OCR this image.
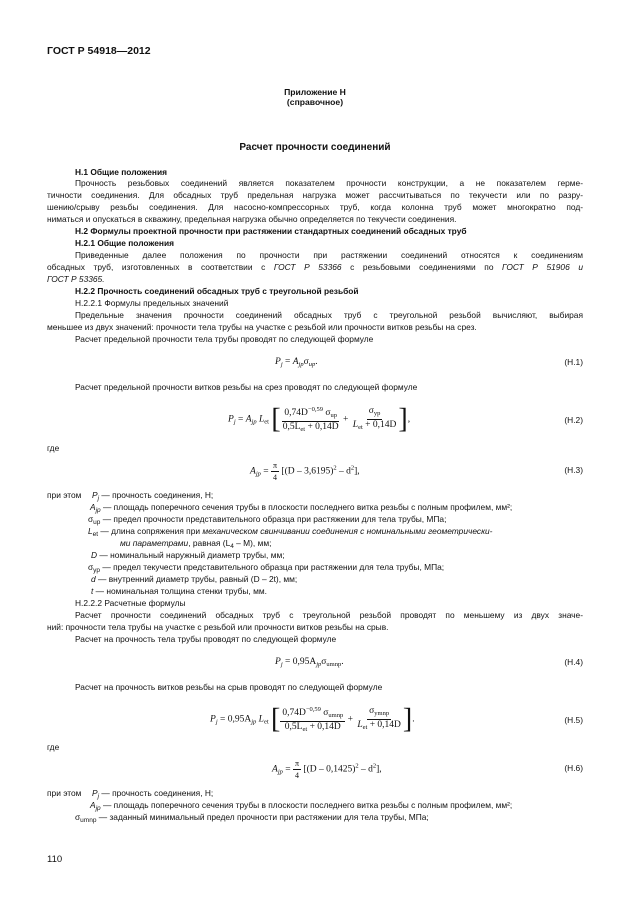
ГОСТ Р 54918—2012
Приложение Н
(справочное)
Расчет прочности соединений
Н.1 Общие положения
Прочность резьбовых соединений является показателем прочности конструкции, а не показателем герме-
тичности соединения. Для обсадных труб предельная нагрузка может рассчитываться по текучести или по разру-
шению/срыву резьбы соединения. Для насосно-компрессорных труб, когда колонна труб может многократно под-
ниматься и опускаться в скважину, предельная нагрузка обычно определяется по текучести соединения.
Н.2 Формулы проектной прочности при растяжении стандартных соединений обсадных труб
Н.2.1 Общие положения
Приведенные далее положения по прочности при растяжении соединений относятся к соединениям
обсадных труб, изготовленных в соответствии с ГОСТ Р 53366 с резьбовыми соединениями по ГОСТ Р 51906 и
ГОСТ Р 53365.
Н.2.2 Прочность соединений обсадных труб с треугольной резьбой
Н.2.2.1 Формулы предельных значений
Предельные значения прочности соединений обсадных труб с треугольной резьбой вычисляют, выбирая
меньшее из двух значений: прочности тела трубы на участке с резьбой или прочности витков резьбы на срез.
Расчет предельной прочности тела трубы проводят по следующей формуле
$P_j = A_{jp}\sigma_{up}$.	(Н.1)
Расчет предельной прочности витков резьбы на срез проводят по следующей формуле
$P_j = A_{jp}$ $L_{et}$ [ $\frac{0,74D^{-0,59} \sigma_{up}}{0,5L_{et} + 0,14D} + \frac{\sigma_{yp}}{L_{et} + 0,14D}$ ],	(Н.2)
где
$A_{jp} = \frac{\pi}{4} [(D - 3,6195)^2 - d^2]$,	(Н.3)
при этом $P_j$ — прочность соединения, Н;
$A_{jp}$ — площадь поперечного сечения трубы в плоскости последнего витка резьбы с полным профилем, мм²;
$\sigma_{up}$ — предел прочности представительного образца при растяжении для тела трубы, МПа;
$L_{et}$ — длина сопряжения при механическом свинчивании соединения с номинальными геометрически-
ми параметрами, равная $(L_4 - M)$, мм;
D — номинальный наружный диаметр трубы, мм;
$\sigma_{yp}$ — предел текучести представительного образца при растяжении для тела трубы, МПа;
d — внутренний диаметр трубы, равный (D – 2t), мм;
t — номинальная толщина стенки трубы, мм.
Н.2.2.2 Расчетные формулы
Расчет прочности соединений обсадных труб с треугольной резьбой проводят по меньшему из двух значе-
ний: прочности тела трубы на участке с резьбой или прочности витков резьбы на срыв.
Расчет на прочность тела трубы проводят по следующей формуле
$P_j = 0,95A_{jp}\sigma_{umnp}$.	(Н.4)
Расчет на прочность витков резьбы на срыв проводят по следующей формуле
$P_j = 0,95A_{jp}$ $L_{et}$ [ $\frac{0,74D^{-0,59} \sigma_{umnp}}{0,5L_{et} + 0,14D} + \frac{\sigma_{ymnp}}{L_{et} + 0,14D}$ ].	(Н.5)
где
$A_{jp} = \frac{\pi}{4} [(D - 0,1425)^2 - d^2]$,	(Н.6)
при этом $P_j$ — прочность соединения, Н;
$A_{jp}$ — площадь поперечного сечения трубы в плоскости последнего витка резьбы с полным профилем, мм²;
$\sigma_{umnp}$ — заданный минимальный предел прочности при растяжении для тела трубы, МПа;
110
